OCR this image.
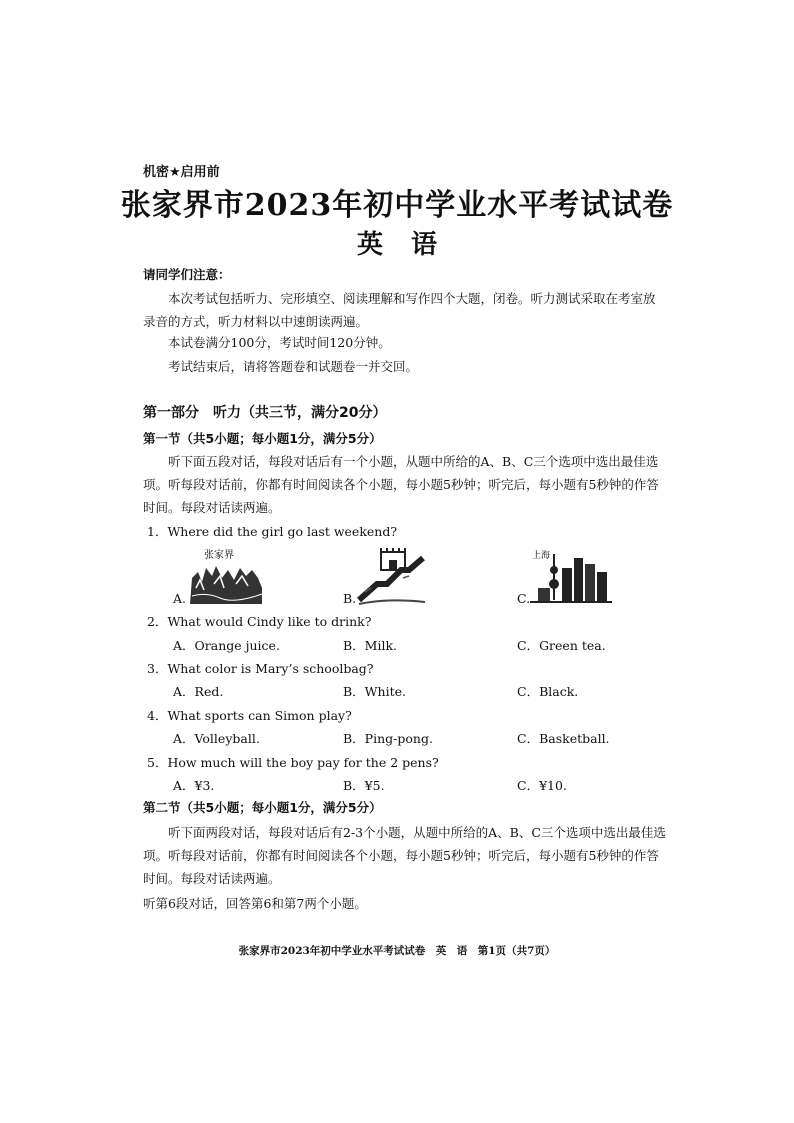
机密★启用前
张家界市2023年初中学业水平考试试卷
英语
请同学们注意：
本次考试包括听力、完形填空、阅读理解和写作四个大题，闭卷。听力测试采取在考室放录音的方式，听力材料以中速朗读两遍。
本试卷满分100分，考试时间120分钟。
考试结束后，请将答题卷和试题卷一并交回。
第一部分　听力（共三节，满分20分）
第一节（共5小题；每小题1分，满分5分）
听下面五段对话，每段对话后有一个小题，从题中所给的A、B、C三个选项中选出最佳选项。听每段对话前，你都有时间阅读各个小题，每小题5秒钟；听完后，每小题有5秒钟的作答时间。每段对话读两遍。
1．Where did the girl go last weekend?
A.	B.	C.
张家界	上海
2．What would Cindy like to drink?
A．Orange juice.	B．Milk.	C．Green tea.
3．What color is Mary’s schoolbag?
A．Red.	B．White.	C．Black.
4．What sports can Simon play?
A．Volleyball.	B．Ping-pong.	C．Basketball.
5．How much will the boy pay for the 2 pens?
A．¥3.	B．¥5.	C．¥10.
第二节（共5小题；每小题1分，满分5分）
听下面两段对话，每段对话后有2-3个小题，从题中所给的A、B、C三个选项中选出最佳选项。听每段对话前，你都有时间阅读各个小题，每小题5秒钟；听完后，每小题有5秒钟的作答时间。每段对话读两遍。
听第6段对话，回答第6和第7两个小题。
张家界市2023年初中学业水平考试试卷　英　语　第1页（共7页）
